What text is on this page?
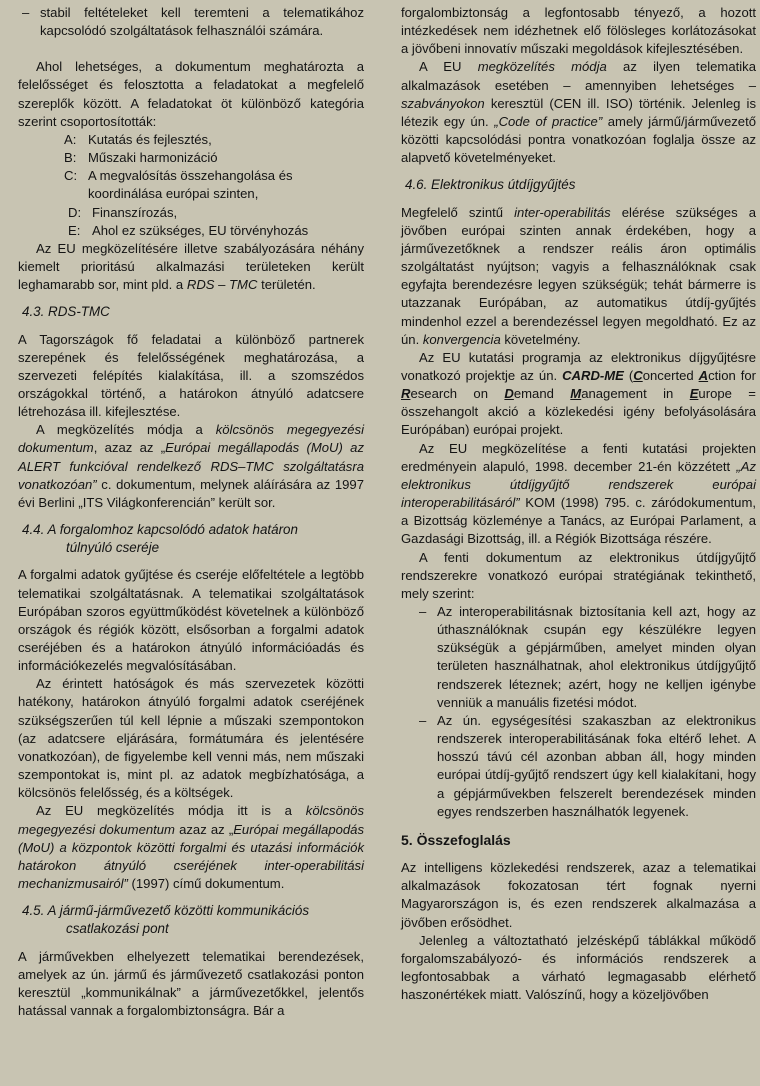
– stabil feltételeket kell teremteni a telematikához kapcsolódó szolgáltatások felhasználói számára.

Ahol lehetséges, a dokumentum meghatározta a felelősséget és felosztotta a feladatokat a megfelelő szereplők között. A feladatokat öt különböző kategória szerint csoportosították:

A: Kutatás és fejlesztés,
B: Műszaki harmonizáció
C: A megvalósítás összehangolása és koordinálása európai szinten,
D: Finanszírozás,
E: Ahol ez szükséges, EU törvényhozás

Az EU megközelítésére illetve szabályozására néhány kiemelt prioritású alkalmazási területeken került leghamarabb sor, mint pld. a RDS – TMC területén.

4.3. RDS-TMC

A Tagországok fő feladatai a különböző partnerek szerepének és felelősségének meghatározása, a szervezeti felépítés kialakítása, ill. a szomszédos országokkal történő, a határokon átnyúló adatcsere létrehozása ill. kifejlesztése.

A megközelítés módja a kölcsönös megegyezési dokumentum, azaz az „Európai megállapodás (MoU) az ALERT funkcióval rendelkező RDS–TMC szolgáltatásra vonatkozóan” c. dokumentum, melynek aláírására az 1997 évi Berlini „ITS Világkonferencián” került sor.

4.4. A forgalomhoz kapcsolódó adatok határon
túlnyúló cseréje

A forgalmi adatok gyűjtése és cseréje előfeltétele a legtöbb telematikai szolgáltatásnak. A telematikai szolgáltatások Európában szoros együttműködést követelnek a különböző országok és régiók között, elsősorban a forgalmi adatok cseréjében és a határokon átnyúló információadás és információkezelés megvalósításában.

Az érintett hatóságok és más szervezetek közötti hatékony, határokon átnyúló forgalmi adatok cseréjének szükségszerűen túl kell lépnie a műszaki szempontokon (az adatcsere eljárására, formátumára és jelentésére vonatkozóan), de figyelembe kell venni más, nem műszaki szempontokat is, mint pl. az adatok megbízhatósága, a kölcsönös felelősség, és a költségek.

Az EU megközelítés módja itt is a kölcsönös megegyezési dokumentum azaz az „Európai megállapodás (MoU) a központok közötti forgalmi és utazási információk határokon átnyúló cseréjének inter-operabilitási mechanizmusairól” (1997) című dokumentum.

4.5. A jármű-járművezető közötti kommunikációs
csatlakozási pont

A járművekben elhelyezett telematikai berendezések, amelyek az ún. jármű és járművezető csatlakozási ponton keresztül „kommunikálnak” a járművezetőkkel, jelentős hatással vannak a forgalombiztonságra. Bár a

forgalombiztonság a legfontosabb tényező, a hozott intézkedések nem idézhetnek elő fölösleges korlátozásokat a jövőbeni innovatív műszaki megoldások kifejlesztésében.

A EU megközelítés módja az ilyen telematika alkalmazások esetében – amennyiben lehetséges – szabványokon keresztül (CEN ill. ISO) történik. Jelenleg is létezik egy ún. „Code of practice” amely jármű/járművezető közötti kapcsolódási pontra vonatkozóan foglalja össze az alapvető követelményeket.

4.6. Elektronikus útdíjgyűjtés

Megfelelő szintű inter-operabilitás elérése szükséges a jövőben európai szinten annak érdekében, hogy a járművezetőknek a rendszer reális áron optimális szolgáltatást nyújtson; vagyis a felhasználóknak csak egyfajta berendezésre legyen szükségük; tehát bármerre is utazzanak Európában, az automatikus útdíj-gyűjtés mindenhol ezzel a berendezéssel legyen megoldható. Ez az ún. konvergencia követelmény.

Az EU kutatási programja az elektronikus díjgyűjtésre vonatkozó projektje az ún. CARD-ME (Concerted Action for Research on Demand Management in Europe = összehangolt akció a közlekedési igény befolyásolására Európában) európai projekt.

Az EU megközelítése a fenti kutatási projekten eredményein alapuló, 1998. december 21-én közzétett „Az elektronikus útdíjgyűjtő rendszerek európai interoperabilitásáról” KOM (1998) 795. c. záródokumentum, a Bizottság közleménye a Tanács, az Európai Parlament, a Gazdasági Bizottság, ill. a Régiók Bizottsága részére.

A fenti dokumentum az elektronikus útdíjgyűjtő rendszerekre vonatkozó európai stratégiának tekinthető, mely szerint:

– Az interoperabilitásnak biztosítania kell azt, hogy az úthasználóknak csupán egy készülékre legyen szükségük a gépjárműben, amelyet minden olyan területen használhatnak, ahol elektronikus útdíjgyűjtő rendszerek léteznek; azért, hogy ne kelljen igénybe venniük a manuális fizetési módot.
– Az ún. egységesítési szakaszban az elektronikus rendszerek interoperabilitásának foka eltérő lehet. A hosszú távú cél azonban abban áll, hogy minden európai útdíj-gyűjtő rendszert úgy kell kialakítani, hogy a gépjárművekben felszerelt berendezések minden egyes rendszerben használhatók legyenek.
5. Összefoglalás

Az intelligens közlekedési rendszerek, azaz a telematikai alkalmazások fokozatosan tért fognak nyerni Magyarországon is, és ezen rendszerek alkalmazása a jövőben erősödhet.

Jelenleg a változtatható jelzésképű táblákkal működő forgalomszabályozó- és információs rendszerek a legfontosabbak a várható legmagasabb elérhető haszonértékek miatt. Valószínű, hogy a közeljövőben
